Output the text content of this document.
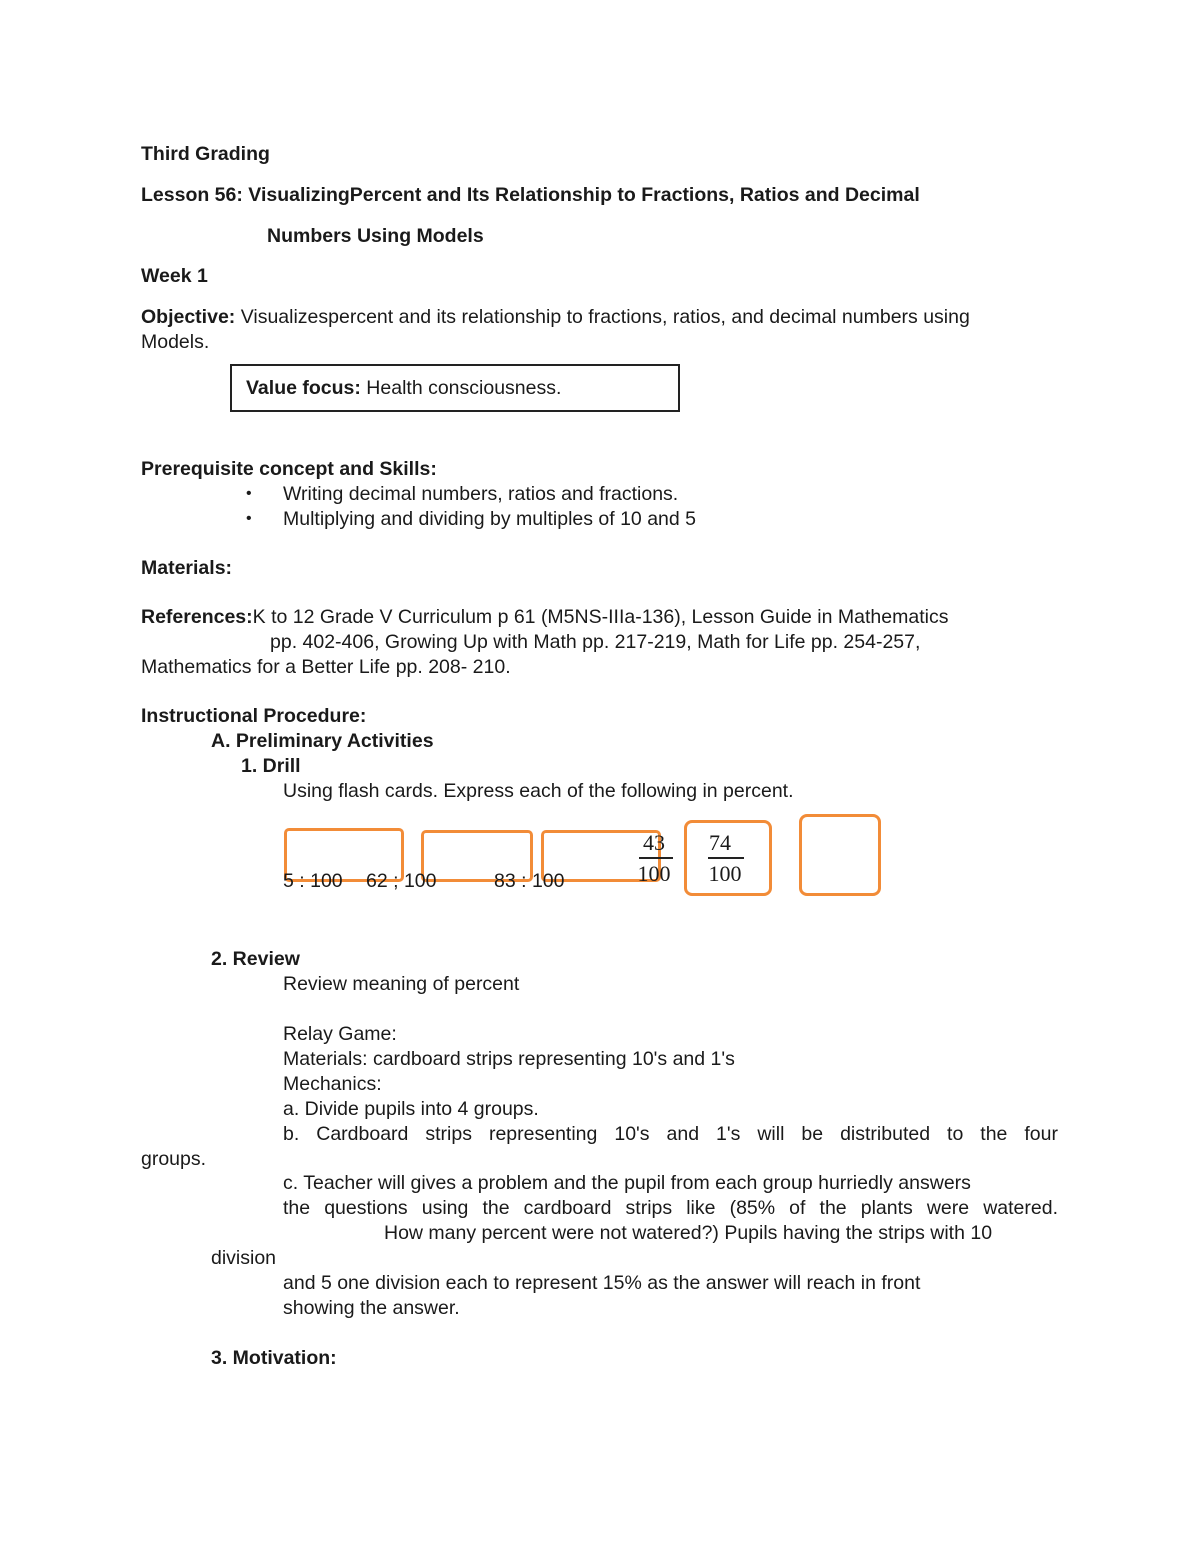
Third Grading
Lesson 56: VisualizingPercent and Its Relationship to Fractions, Ratios and Decimal
Numbers Using Models
Week 1
Objective: Visualizespercent and its relationship to fractions, ratios, and decimal numbers using
Models.
Value focus: Health consciousness.
Prerequisite concept and Skills:
• Writing decimal numbers, ratios and fractions.
• Multiplying and dividing by multiples of 10 and 5
Materials:
References:K to 12 Grade V Curriculum p 61 (M5NS-IIIa-136), Lesson Guide in Mathematics
pp. 402-406, Growing Up with Math pp. 217-219, Math for Life pp. 254-257,
Mathematics for a Better Life pp. 208- 210.
Instructional Procedure:
A. Preliminary Activities
1. Drill
Using flash cards. Express each of the following in percent.
5 : 100 62 ; 100	83 : 100
43
100
74
100
2. Review
Review meaning of percent
Relay Game:
Materials: cardboard strips representing 10's and 1's
Mechanics:
a. Divide pupils into 4 groups.
b. Cardboard strips representing 10's and 1's will be distributed to the four
groups.
c. Teacher will gives a problem and the pupil from each group hurriedly answers
the questions using the cardboard strips like (85% of the plants were watered.
How many percent were not watered?) Pupils having the strips with 10
division
and 5 one division each to represent 15% as the answer will reach in front
showing the answer.
3. Motivation:
